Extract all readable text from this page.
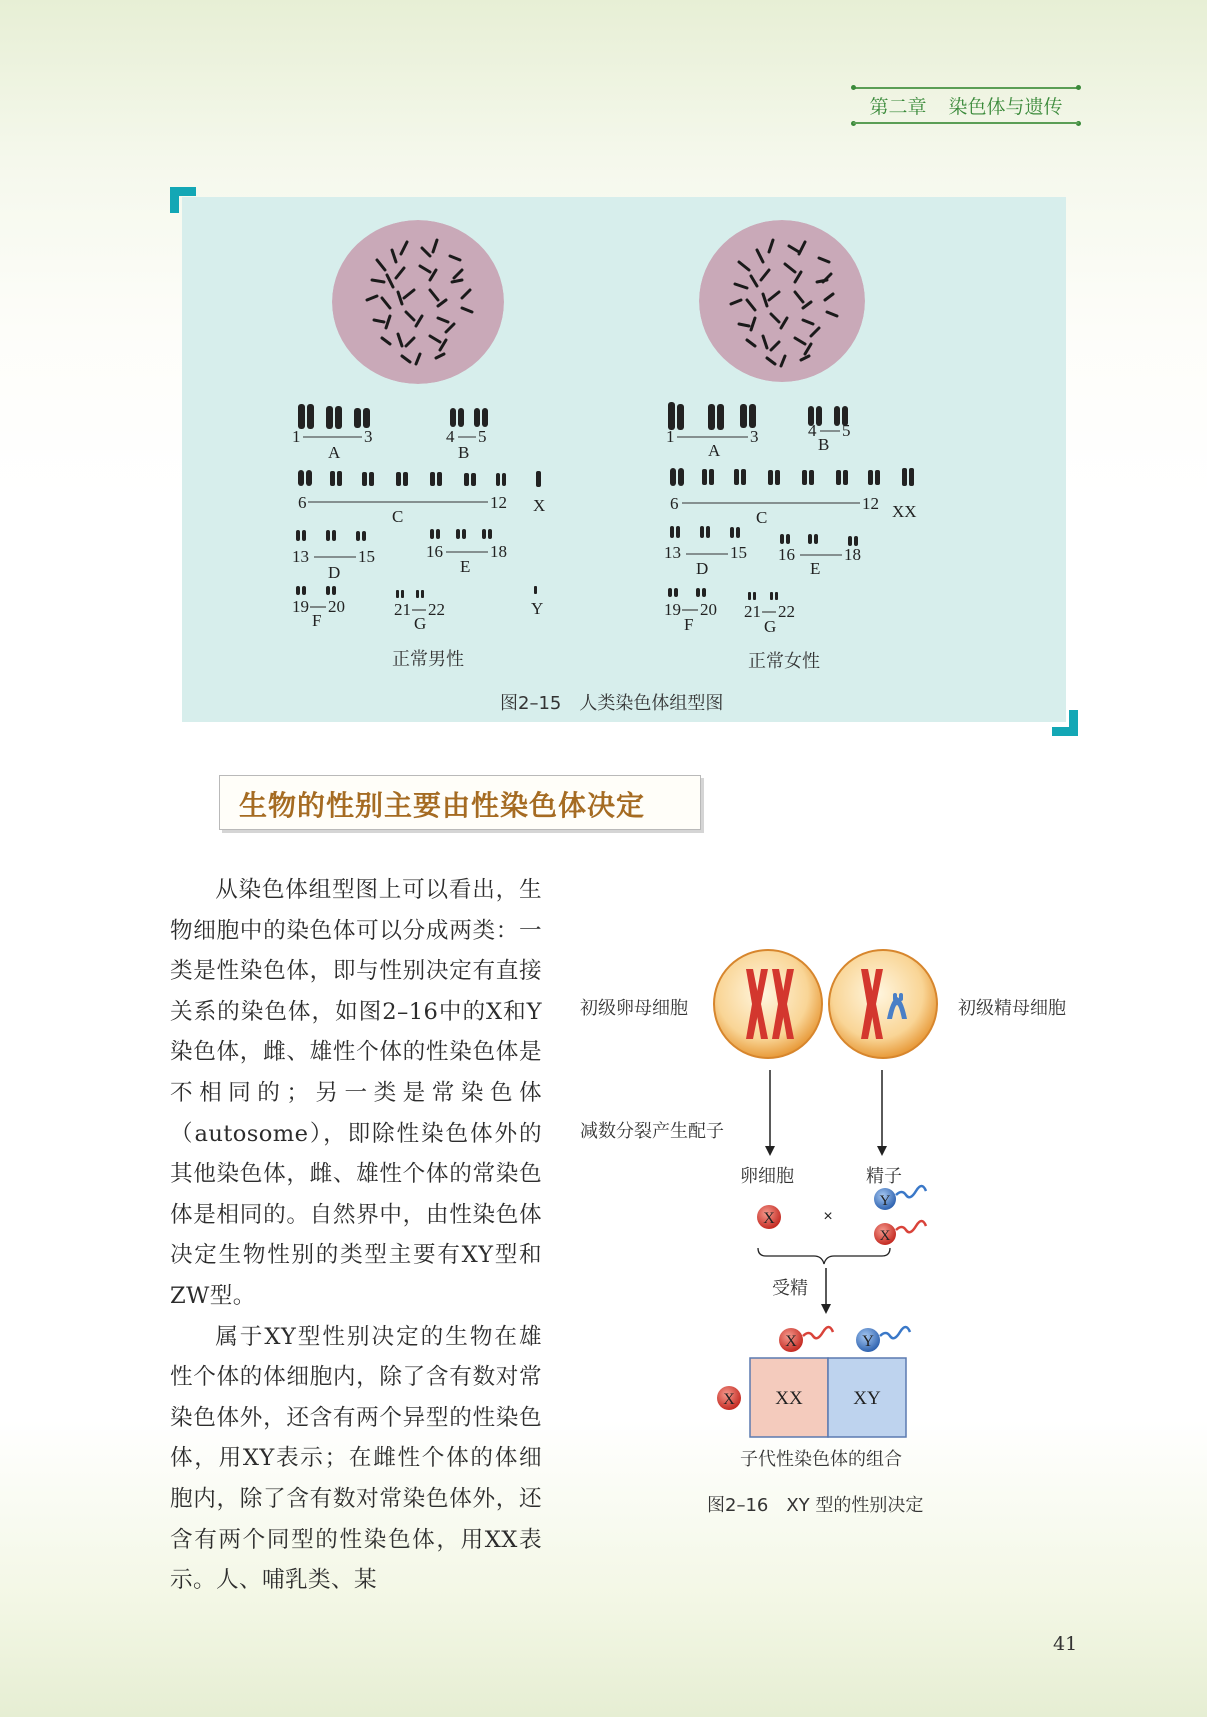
第二章 染色体与遗传
1	3
A
4 5
B
6	12
C
X
13	15
D
16	18
E
19 20
F
21 22
G
Y
1	3
A
4 5
B
6	12
C	XX
13	15
D
16	18
E
19 20
F
21 22
G
正常男性	正常女性
图2–15　人类染色体组型图
生物的性别主要由性染色体决定

从染色体组型图上可以看出，生物细胞中的染色体可以分成两类：一类是性染色体，即与性别决定有直接关系的染色体，如图2–16中的X和Y染色体，雌、雄性个体的性染色体是不相同的；另一类是常染色体（autosome），即除性染色体外的其他染色体，雌、雄性个体的常染色体是相同的。自然界中，由性染色体决定生物性别的类型主要有XY型和ZW型。

属于XY型性别决定的生物在雄性个体的体细胞内，除了含有数对常染色体外，还含有两个异型的性染色体，用XY表示；在雌性个体的体细胞内，除了含有数对常染色体外，还含有两个同型的性染色体，用XX表示。人、哺乳类、某

初级卵母细胞	初级精母细胞
减数分裂产生配子
卵细胞	精子
X	×
Y
X
受精
X	Y
X XX	XY
子代性染色体的组合
图2–16　XY 型的性别决定
41
